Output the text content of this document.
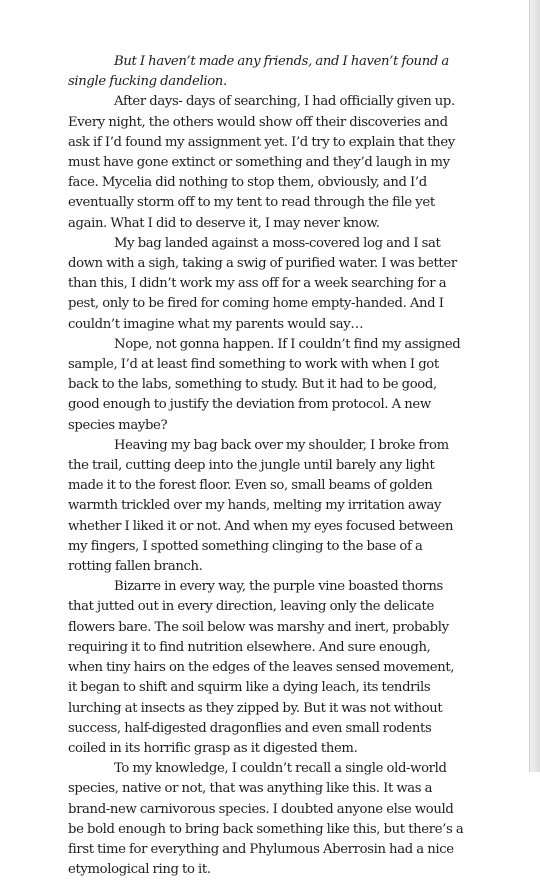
But I haven’t made any friends, and I haven’t found a single fucking dandelion.

After days- days of searching, I had officially given up. Every night, the others would show off their discoveries and ask if I’d found my assignment yet. I’d try to explain that they must have gone extinct or something and they’d laugh in my face. Mycelia did nothing to stop them, obviously, and I’d eventually storm off to my tent to read through the file yet again. What I did to deserve it, I may never know.

My bag landed against a moss-covered log and I sat down with a sigh, taking a swig of purified water. I was better than this, I didn’t work my ass off for a week searching for a pest, only to be fired for coming home empty-handed. And I couldn’t imagine what my parents would say…

Nope, not gonna happen. If I couldn’t find my assigned sample, I’d at least find something to work with when I got back to the labs, something to study. But it had to be good, good enough to justify the deviation from protocol. A new species maybe?

Heaving my bag back over my shoulder, I broke from the trail, cutting deep into the jungle until barely any light made it to the forest floor. Even so, small beams of golden warmth trickled over my hands, melting my irritation away whether I liked it or not. And when my eyes focused between my fingers, I spotted something clinging to the base of a rotting fallen branch.

Bizarre in every way, the purple vine boasted thorns that jutted out in every direction, leaving only the delicate flowers bare. The soil below was marshy and inert, probably requiring it to find nutrition elsewhere. And sure enough, when tiny hairs on the edges of the leaves sensed movement, it began to shift and squirm like a dying leach, its tendrils lurching at insects as they zipped by. But it was not without success, half-digested dragonflies and even small rodents coiled in its horrific grasp as it digested them.

To my knowledge, I couldn’t recall a single old-world species, native or not, that was anything like this. It was a brand-new carnivorous species. I doubted anyone else would be bold enough to bring back something like this, but there’s a first time for everything and Phylumous Aberrosin had a nice etymological ring to it.
